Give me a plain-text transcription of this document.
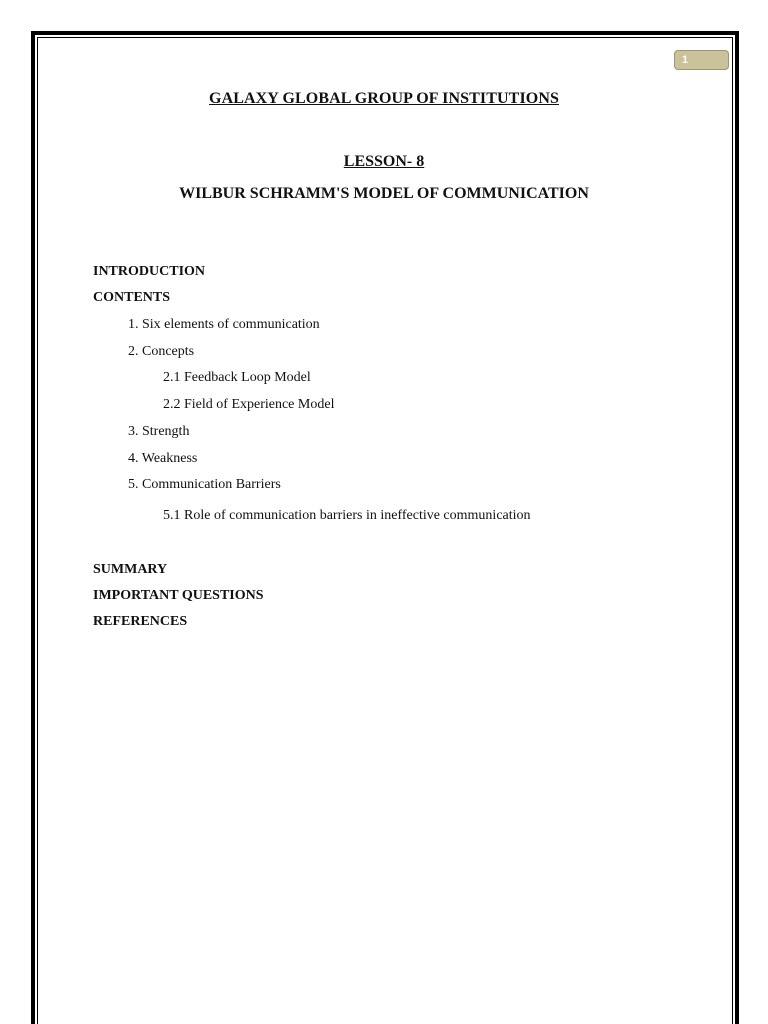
1
GALAXY GLOBAL GROUP OF INSTITUTIONS
LESSON- 8
WILBUR SCHRAMM'S MODEL OF COMMUNICATION
INTRODUCTION
CONTENTS
1. Six elements of communication
2. Concepts
2.1 Feedback Loop Model
2.2 Field of Experience Model
3. Strength
4. Weakness
5. Communication Barriers
5.1 Role of communication barriers in ineffective communication
SUMMARY
IMPORTANT QUESTIONS
REFERENCES
